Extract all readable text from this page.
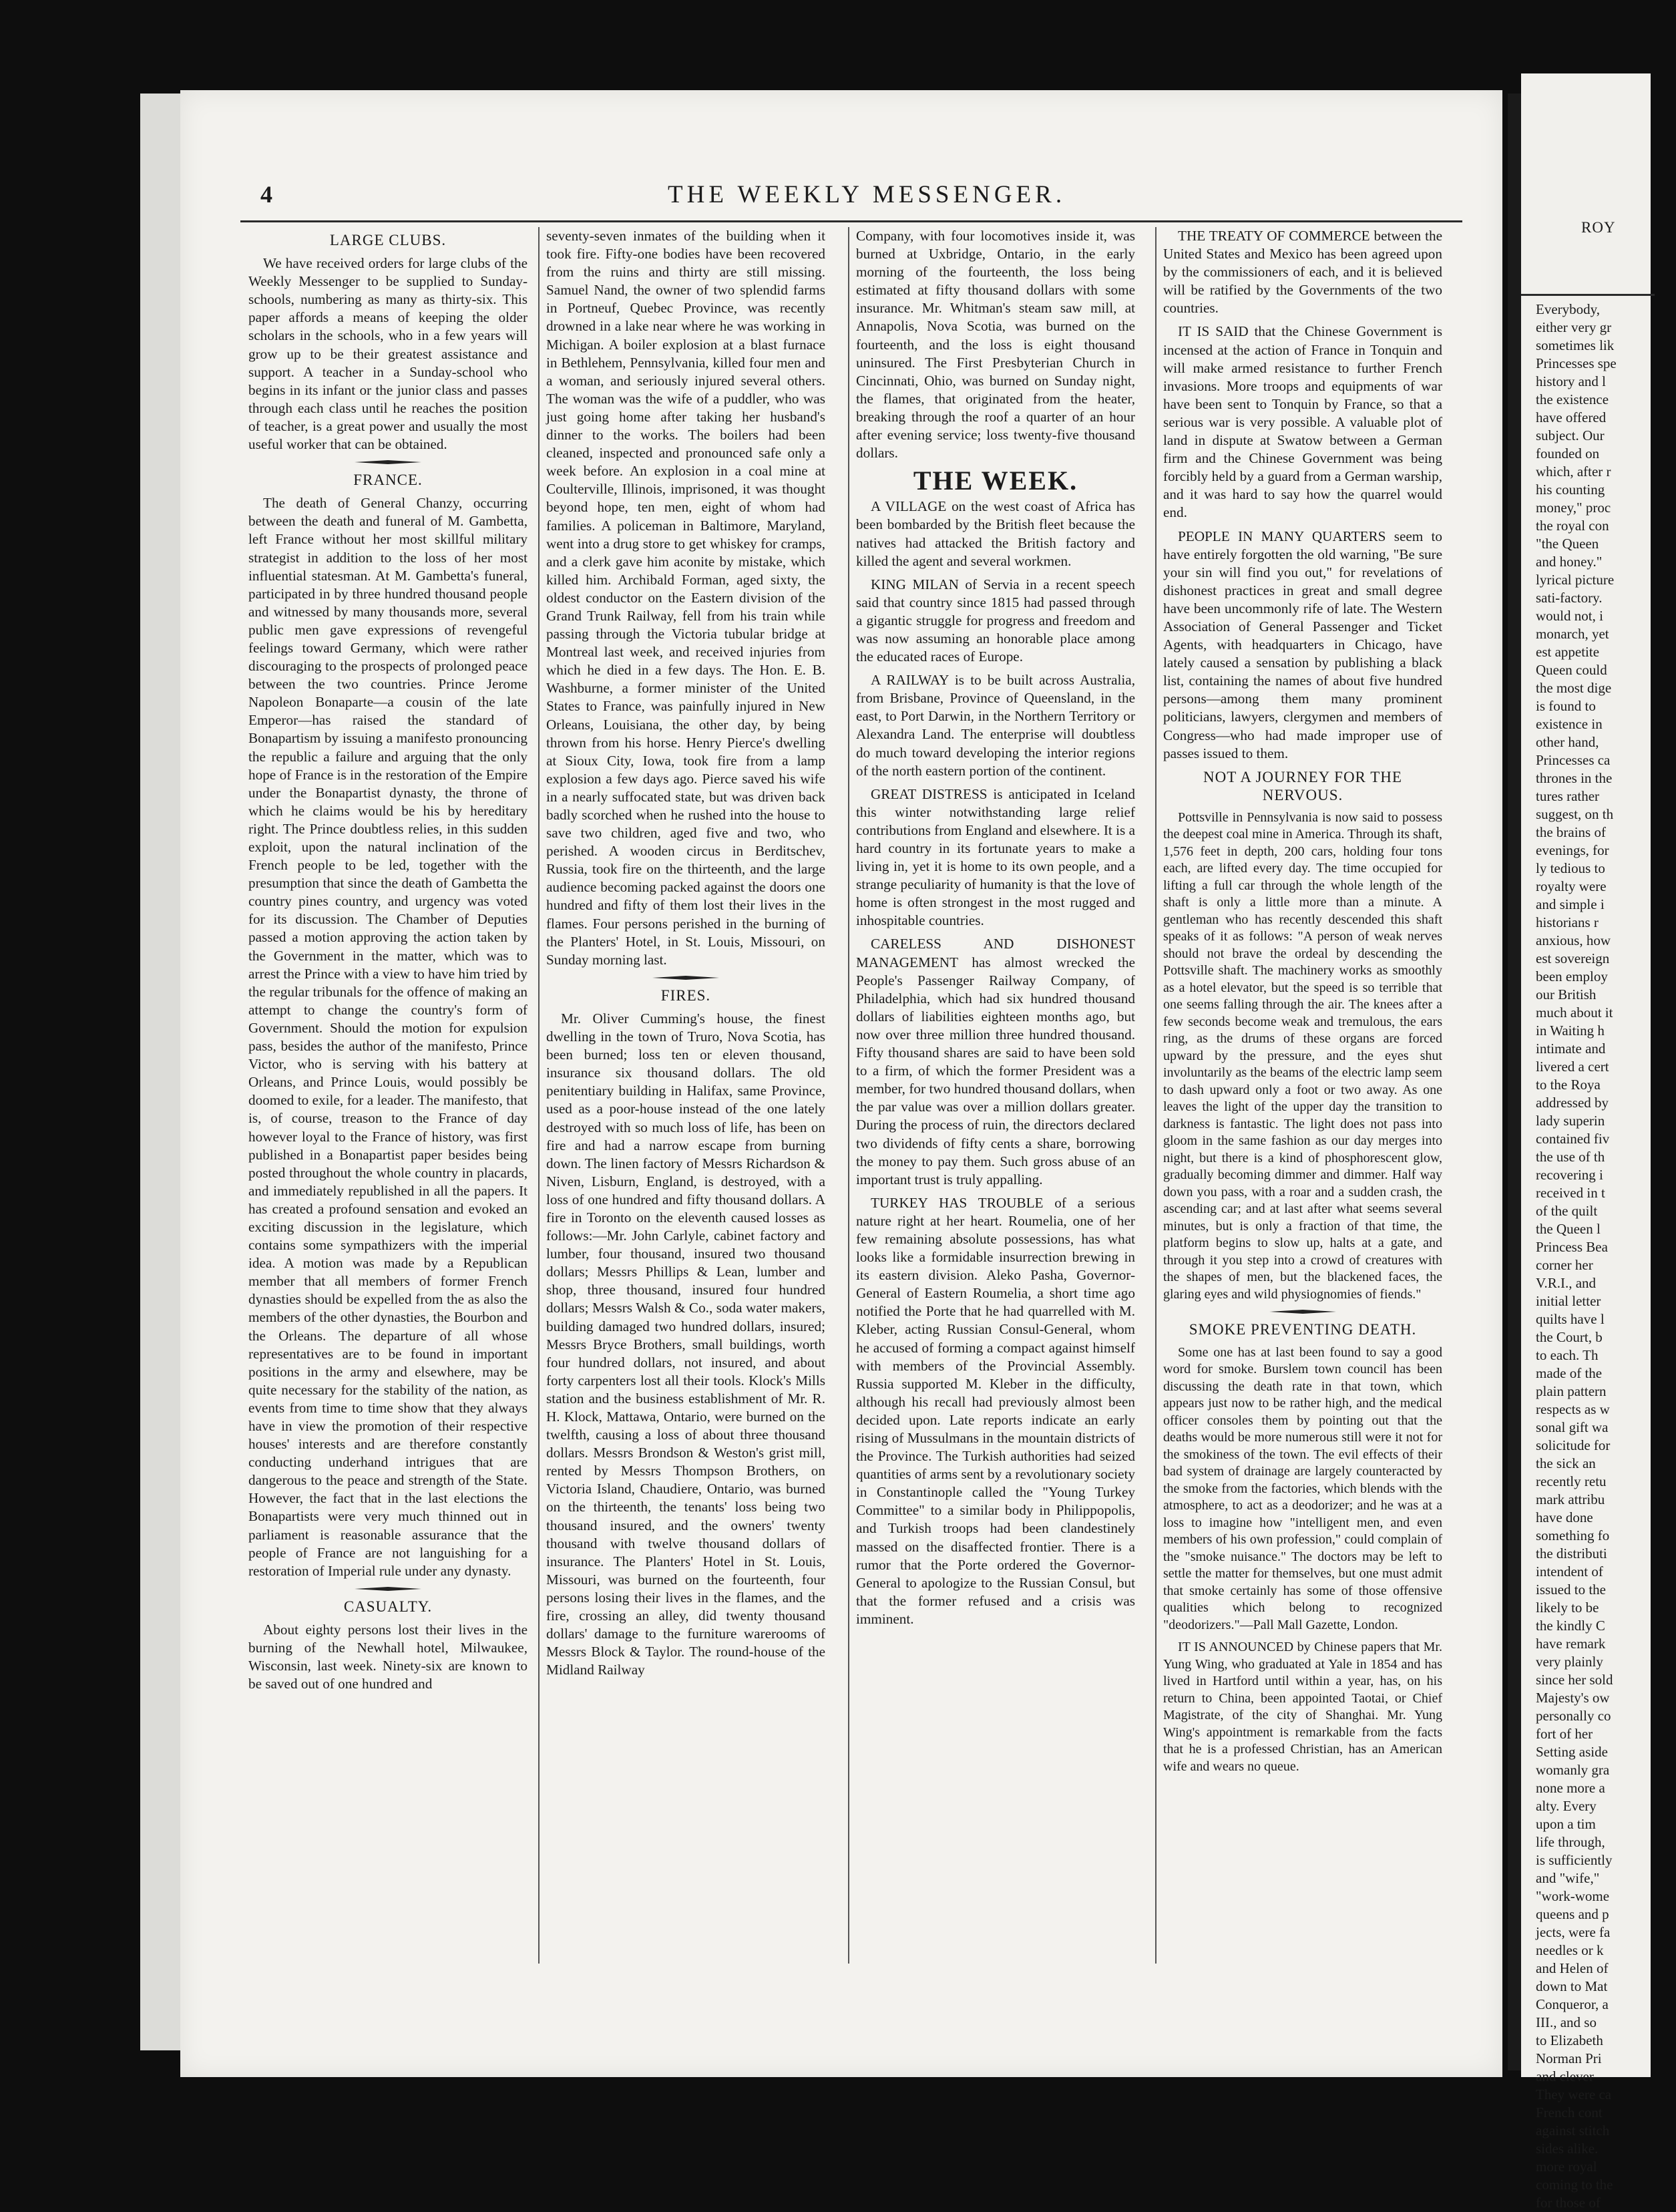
4	THE WEEKLY MESSENGER.
LARGE CLUBS.

We have received orders for large clubs of the Weekly Messenger to be supplied to Sunday-schools, numbering as many as thirty-six. This paper affords a means of keeping the older scholars in the schools, who in a few years will grow up to be their greatest assistance and support. A teacher in a Sunday-school who begins in its infant or the junior class and passes through each class until he reaches the position of teacher, is a great power and usually the most useful worker that can be obtained.

FRANCE.

The death of General Chanzy, occurring between the death and funeral of M. Gambetta, left France without her most skillful military strategist in addition to the loss of her most influential statesman. At M. Gambetta's funeral, participated in by three hundred thousand people and witnessed by many thousands more, several public men gave expressions of revengeful feelings toward Germany, which were rather discouraging to the prospects of prolonged peace between the two countries. Prince Jerome Napoleon Bonaparte—a cousin of the late Emperor—has raised the standard of Bonapartism by issuing a manifesto pronouncing the republic a failure and arguing that the only hope of France is in the restoration of the Empire under the Bonapartist dynasty, the throne of which he claims would be his by hereditary right. The Prince doubtless relies, in this sudden exploit, upon the natural inclination of the French people to be led, together with the presumption that since the death of Gambetta the country pines country, and urgency was voted for its discussion. The Chamber of Deputies passed a motion approving the action taken by the Government in the matter, which was to arrest the Prince with a view to have him tried by the regular tribunals for the offence of making an attempt to change the country's form of Government. Should the motion for expulsion pass, besides the author of the manifesto, Prince Victor, who is serving with his battery at Orleans, and Prince Louis, would possibly be doomed to exile, for a leader. The manifesto, that is, of course, treason to the France of day however loyal to the France of history, was first published in a Bonapartist paper besides being posted throughout the whole country in placards, and immediately republished in all the papers. It has created a profound sensation and evoked an exciting discussion in the legislature, which contains some sympathizers with the imperial idea. A motion was made by a Republican member that all members of former French dynasties should be expelled from the as also the members of the other dynasties, the Bourbon and the Orleans. The departure of all whose representatives are to be found in important positions in the army and elsewhere, may be quite necessary for the stability of the nation, as events from time to time show that they always have in view the promotion of their respective houses' interests and are therefore constantly conducting underhand intrigues that are dangerous to the peace and strength of the State. However, the fact that in the last elections the Bonapartists were very much thinned out in parliament is reasonable assurance that the people of France are not languishing for a restoration of Imperial rule under any dynasty.

CASUALTY.

About eighty persons lost their lives in the burning of the Newhall hotel, Milwaukee, Wisconsin, last week. Ninety-six are known to be saved out of one hundred and

seventy-seven inmates of the building when it took fire. Fifty-one bodies have been recovered from the ruins and thirty are still missing. Samuel Nand, the owner of two splendid farms in Portneuf, Quebec Province, was recently drowned in a lake near where he was working in Michigan. A boiler explosion at a blast furnace in Bethlehem, Pennsylvania, killed four men and a woman, and seriously injured several others. The woman was the wife of a puddler, who was just going home after taking her husband's dinner to the works. The boilers had been cleaned, inspected and pronounced safe only a week before. An explosion in a coal mine at Coulterville, Illinois, imprisoned, it was thought beyond hope, ten men, eight of whom had families. A policeman in Baltimore, Maryland, went into a drug store to get whiskey for cramps, and a clerk gave him aconite by mistake, which killed him. Archibald Forman, aged sixty, the oldest conductor on the Eastern division of the Grand Trunk Railway, fell from his train while passing through the Victoria tubular bridge at Montreal last week, and received injuries from which he died in a few days. The Hon. E. B. Washburne, a former minister of the United States to France, was painfully injured in New Orleans, Louisiana, the other day, by being thrown from his horse. Henry Pierce's dwelling at Sioux City, Iowa, took fire from a lamp explosion a few days ago. Pierce saved his wife in a nearly suffocated state, but was driven back badly scorched when he rushed into the house to save two children, aged five and two, who perished. A wooden circus in Berditschev, Russia, took fire on the thirteenth, and the large audience becoming packed against the doors one hundred and fifty of them lost their lives in the flames. Four persons perished in the burning of the Planters' Hotel, in St. Louis, Missouri, on Sunday morning last.

FIRES.

Mr. Oliver Cumming's house, the finest dwelling in the town of Truro, Nova Scotia, has been burned; loss ten or eleven thousand, insurance six thousand dollars. The old penitentiary building in Halifax, same Province, used as a poor-house instead of the one lately destroyed with so much loss of life, has been on fire and had a narrow escape from burning down. The linen factory of Messrs Richardson & Niven, Lisburn, England, is destroyed, with a loss of one hundred and fifty thousand dollars. A fire in Toronto on the eleventh caused losses as follows:—Mr. John Carlyle, cabinet factory and lumber, four thousand, insured two thousand dollars; Messrs Phillips & Lean, lumber and shop, three thousand, insured four hundred dollars; Messrs Walsh & Co., soda water makers, building damaged two hundred dollars, insured; Messrs Bryce Brothers, small buildings, worth four hundred dollars, not insured, and about forty carpenters lost all their tools. Klock's Mills station and the business establishment of Mr. R. H. Klock, Mattawa, Ontario, were burned on the twelfth, causing a loss of about three thousand dollars. Messrs Brondson & Weston's grist mill, rented by Messrs Thompson Brothers, on Victoria Island, Chaudiere, Ontario, was burned on the thirteenth, the tenants' loss being two thousand insured, and the owners' twenty thousand with twelve thousand dollars of insurance. The Planters' Hotel in St. Louis, Missouri, was burned on the fourteenth, four persons losing their lives in the flames, and the fire, crossing an alley, did twenty thousand dollars' damage to the furniture warerooms of Messrs Block & Taylor. The round-house of the Midland Railway

Company, with four locomotives inside it, was burned at Uxbridge, Ontario, in the early morning of the fourteenth, the loss being estimated at fifty thousand dollars with some insurance. Mr. Whitman's steam saw mill, at Annapolis, Nova Scotia, was burned on the fourteenth, and the loss is eight thousand uninsured. The First Presbyterian Church in Cincinnati, Ohio, was burned on Sunday night, the flames, that originated from the heater, breaking through the roof a quarter of an hour after evening service; loss twenty-five thousand dollars.

THE WEEK.

A VILLAGE on the west coast of Africa has been bombarded by the British fleet because the natives had attacked the British factory and killed the agent and several workmen.

KING MILAN of Servia in a recent speech said that country since 1815 had passed through a gigantic struggle for progress and freedom and was now assuming an honorable place among the educated races of Europe.

A RAILWAY is to be built across Australia, from Brisbane, Province of Queensland, in the east, to Port Darwin, in the Northern Territory or Alexandra Land. The enterprise will doubtless do much toward developing the interior regions of the north eastern portion of the continent.

GREAT DISTRESS is anticipated in Iceland this winter notwithstanding large relief contributions from England and elsewhere. It is a hard country in its fortunate years to make a living in, yet it is home to its own people, and a strange peculiarity of humanity is that the love of home is often strongest in the most rugged and inhospitable countries.

CARELESS AND DISHONEST MANAGEMENT has almost wrecked the People's Passenger Railway Company, of Philadelphia, which had six hundred thousand dollars of liabilities eighteen months ago, but now over three million three hundred thousand. Fifty thousand shares are said to have been sold to a firm, of which the former President was a member, for two hundred thousand dollars, when the par value was over a million dollars greater. During the process of ruin, the directors declared two dividends of fifty cents a share, borrowing the money to pay them. Such gross abuse of an important trust is truly appalling.

TURKEY HAS TROUBLE of a serious nature right at her heart. Roumelia, one of her few remaining absolute possessions, has what looks like a formidable insurrection brewing in its eastern division. Aleko Pasha, Governor-General of Eastern Roumelia, a short time ago notified the Porte that he had quarrelled with M. Kleber, acting Russian Consul-General, whom he accused of forming a compact against himself with members of the Provincial Assembly. Russia supported M. Kleber in the difficulty, although his recall had previously almost been decided upon. Late reports indicate an early rising of Mussulmans in the mountain districts of the Province. The Turkish authorities had seized quantities of arms sent by a revolutionary society in Constantinople called the "Young Turkey Committee" to a similar body in Philippopolis, and Turkish troops had been clandestinely massed on the disaffected frontier. There is a rumor that the Porte ordered the Governor-General to apologize to the Russian Consul, but that the former refused and a crisis was imminent.

THE TREATY OF COMMERCE between the United States and Mexico has been agreed upon by the commissioners of each, and it is believed will be ratified by the Governments of the two countries.

IT IS SAID that the Chinese Government is incensed at the action of France in Tonquin and will make armed resistance to further French invasions. More troops and equipments of war have been sent to Tonquin by France, so that a serious war is very possible. A valuable plot of land in dispute at Swatow between a German firm and the Chinese Government was being forcibly held by a guard from a German warship, and it was hard to say how the quarrel would end.

PEOPLE IN MANY QUARTERS seem to have entirely forgotten the old warning, "Be sure your sin will find you out," for revelations of dishonest practices in great and small degree have been uncommonly rife of late. The Western Association of General Passenger and Ticket Agents, with headquarters in Chicago, have lately caused a sensation by publishing a black list, containing the names of about five hundred persons—among them many prominent politicians, lawyers, clergymen and members of Congress—who had made improper use of passes issued to them.

NOT A JOURNEY FOR THE NERVOUS.

Pottsville in Pennsylvania is now said to possess the deepest coal mine in America. Through its shaft, 1,576 feet in depth, 200 cars, holding four tons each, are lifted every day. The time occupied for lifting a full car through the whole length of the shaft is only a little more than a minute. A gentleman who has recently descended this shaft speaks of it as follows: "A person of weak nerves should not brave the ordeal by descending the Pottsville shaft. The machinery works as smoothly as a hotel elevator, but the speed is so terrible that one seems falling through the air. The knees after a few seconds become weak and tremulous, the ears ring, as the drums of these organs are forced upward by the pressure, and the eyes shut involuntarily as the beams of the electric lamp seem to dash upward only a foot or two away. As one leaves the light of the upper day the transition to darkness is fantastic. The light does not pass into gloom in the same fashion as our day merges into night, but there is a kind of phosphorescent glow, gradually becoming dimmer and dimmer. Half way down you pass, with a roar and a sudden crash, the ascending car; and at last after what seems several minutes, but is only a fraction of that time, the platform begins to slow up, halts at a gate, and through it you step into a crowd of creatures with the shapes of men, but the blackened faces, the glaring eyes and wild physiognomies of fiends."

SMOKE PREVENTING DEATH.

Some one has at last been found to say a good word for smoke. Burslem town council has been discussing the death rate in that town, which appears just now to be rather high, and the medical officer consoles them by pointing out that the deaths would be more numerous still were it not for the smokiness of the town. The evil effects of their bad system of drainage are largely counteracted by the smoke from the factories, which blends with the atmosphere, to act as a deodorizer; and he was at a loss to imagine how "intelligent men, and even members of his own profession," could complain of the "smoke nuisance." The doctors may be left to settle the matter for themselves, but one must admit that smoke certainly has some of those offensive qualities which belong to recognized "deodorizers."—Pall Mall Gazette, London.

IT IS ANNOUNCED by Chinese papers that Mr. Yung Wing, who graduated at Yale in 1854 and has lived in Hartford until within a year, has, on his return to China, been appointed Taotai, or Chief Magistrate, of the city of Shanghai. Mr. Yung Wing's appointment is remarkable from the facts that he is a professed Christian, has an American wife and wears no queue.

ROY
Everybody,
either very gr
sometimes lik
Princesses spe
history and l
the existence
have offered
subject. Our
founded on
which, after r
his counting
money," proc
the royal con
"the Queen
and honey."
lyrical picture
sati-factory.
would not, i
monarch, yet
est appetite
Queen could
the most dige
is found to
existence in
other hand,
Princesses ca
thrones in the
tures rather
suggest, on th
the brains of
evenings, for
ly tedious to
royalty were
and simple i
historians r
anxious, how
est sovereign
been employ
our British
much about it
in Waiting h
intimate and
livered a cert
to the Roya
addressed by
lady superin
contained fiv
the use of th
recovering i
received in t
of the quilt
the Queen l
Princess Bea
corner her
V.R.I., and
initial letter
quilts have l
the Court, b
to each. Th
made of the
plain pattern
respects as w
sonal gift wa
solicitude for
the sick an
recently retu
mark attribu
have done
something fo
the distributi
intendent of
issued to the
likely to be
the kindly C
have remark
very plainly
since her sold
Majesty's ow
personally co
fort of her
Setting aside
womanly gra
none more a
alty. Every
upon a tim
life through,
is sufficiently
and "wife,"
"work-wome
queens and p
jects, were fa
needles or k
and Helen of
down to Mat
Conqueror, a
III., and so
to Elizabeth
Norman Pri
and clever
They were ca
French cont
against stitch
sides alike.
more royal
coming to the
for those of
